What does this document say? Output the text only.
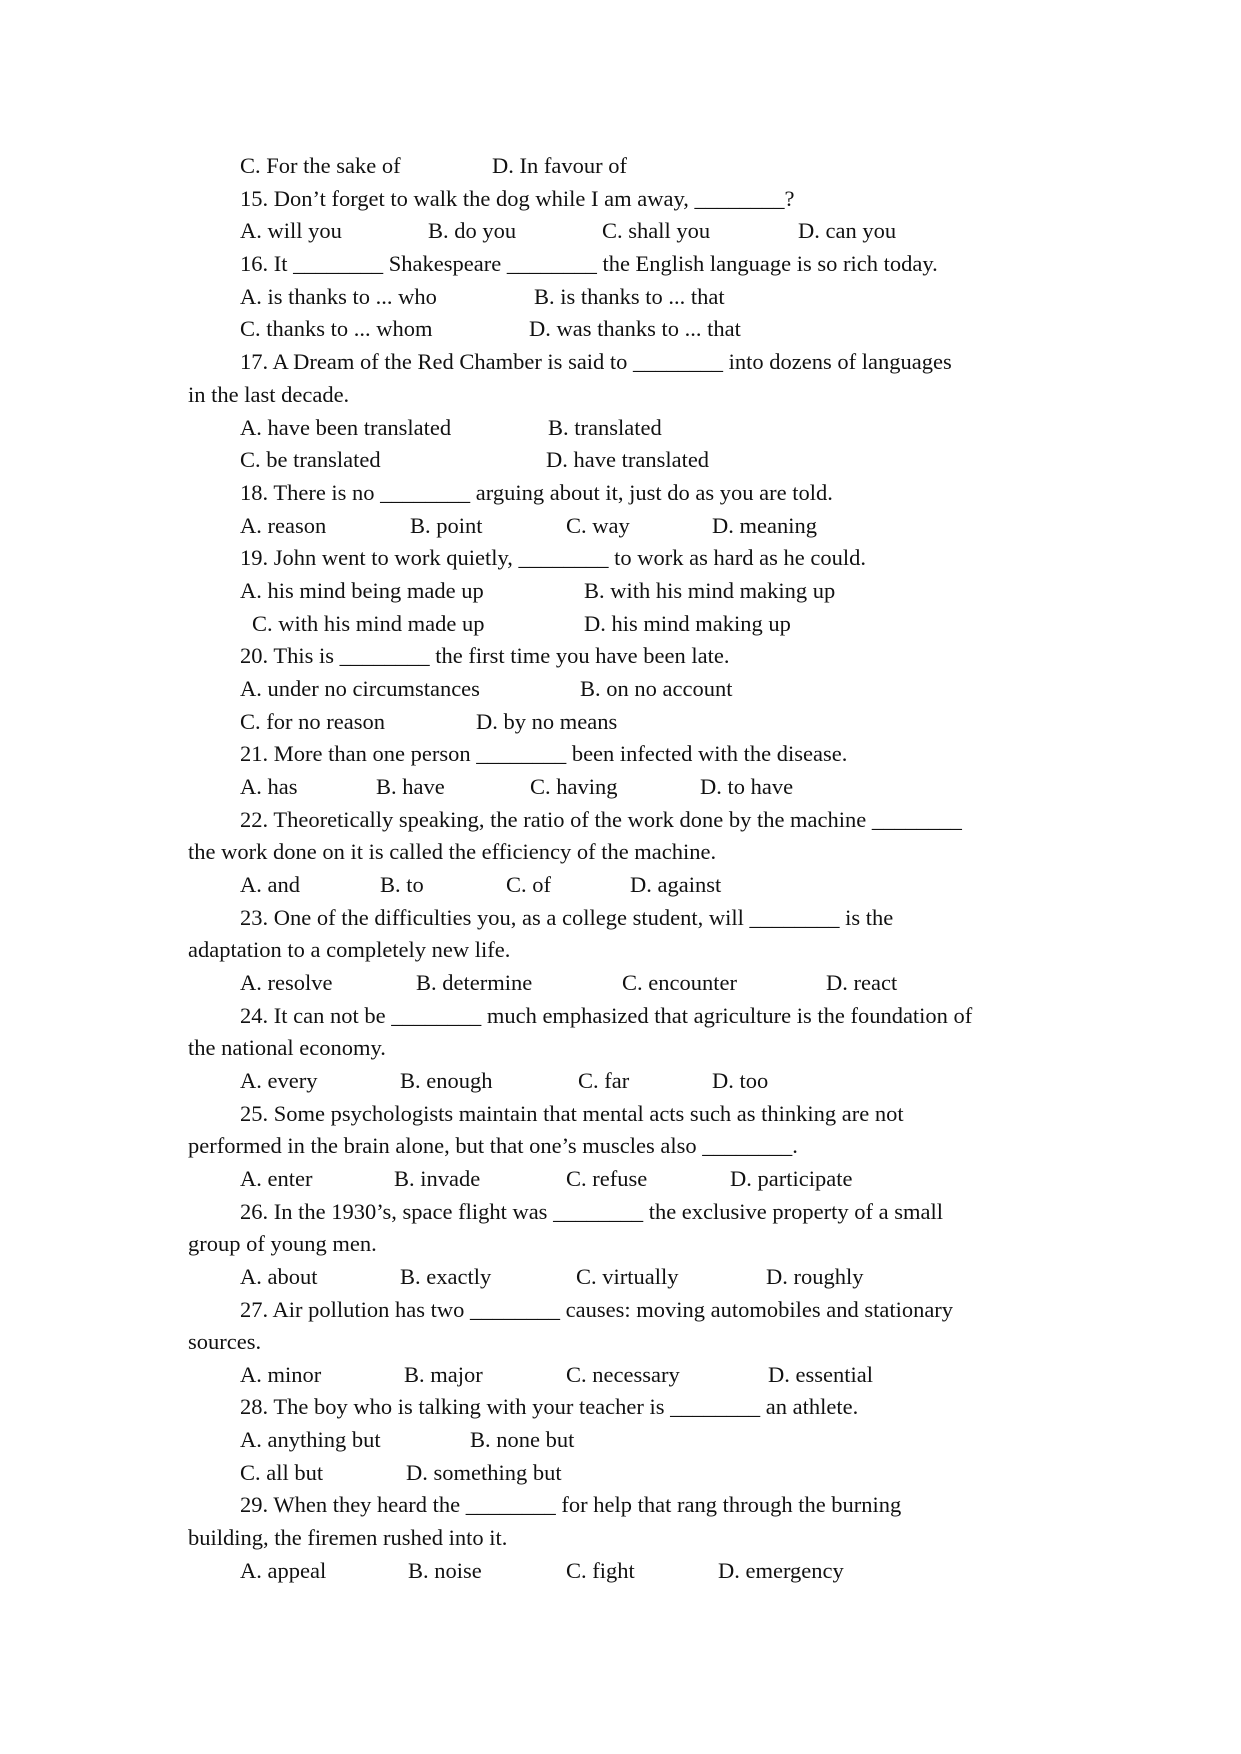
C. For the sake of	D. In favour of
15. Don’t forget to walk the dog while I am away, ________?
A. will you	B. do you	C. shall you	D. can you
16. It ________ Shakespeare ________ the English language is so rich today.
A. is thanks to ... who	B. is thanks to ... that
C. thanks to ... whom	D. was thanks to ... that
17. A Dream of the Red Chamber is said to ________ into dozens of languages
in the last decade.
A. have been translated	B. translated
C. be translated	D. have translated
18. There is no ________ arguing about it, just do as you are told.
A. reason	B. point	C. way	D. meaning
19. John went to work quietly, ________ to work as hard as he could.
A. his mind being made up	B. with his mind making up
C. with his mind made up	D. his mind making up
20. This is ________ the first time you have been late.
A. under no circumstances	B. on no account
C. for no reason	D. by no means
21. More than one person ________ been infected with the disease.
A. has	B. have	C. having	D. to have
22. Theoretically speaking, the ratio of the work done by the machine ________
the work done on it is called the efficiency of the machine.
A. and	B. to	C. of	D. against
23. One of the difficulties you, as a college student, will ________ is the
adaptation to a completely new life.
A. resolve	B. determine	C. encounter	D. react
24. It can not be ________ much emphasized that agriculture is the foundation of
the national economy.
A. every	B. enough	C. far	D. too
25. Some psychologists maintain that mental acts such as thinking are not
performed in the brain alone, but that one’s muscles also ________.
A. enter	B. invade	C. refuse	D. participate
26. In the 1930’s, space flight was ________ the exclusive property of a small
group of young men.
A. about	B. exactly	C. virtually	D. roughly
27. Air pollution has two ________ causes: moving automobiles and stationary
sources.
A. minor	B. major	C. necessary	D. essential
28. The boy who is talking with your teacher is ________ an athlete.
A. anything but	B. none but
C. all but	D. something but
29. When they heard the ________ for help that rang through the burning
building, the firemen rushed into it.
A. appeal	B. noise	C. fight	D. emergency
